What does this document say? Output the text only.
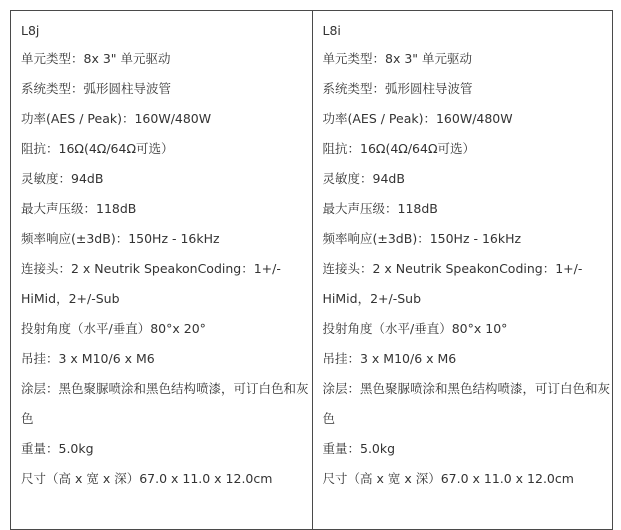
L8j
单元类型：8x 3" 单元驱动
系统类型：弧形圆柱导波管
功率(AES / Peak)：160W/480W
阻抗：16Ω(4Ω/64Ω可选）
灵敏度：94dB
最大声压级：118dB
频率响应(±3dB)：150Hz - 16kHz
连接头：2 x Neutrik SpeakonCoding：1+/-
HiMid，2+/-Sub
投射角度（水平/垂直）80°x 20°
吊挂：3 x M10/6 x M6
涂层：黑色聚脲喷涂和黑色结构喷漆，可订白色和灰
色
重量：5.0kg
尺寸（高 x 宽 x 深）67.0 x 11.0 x 12.0cm
L8i
单元类型：8x 3" 单元驱动
系统类型：弧形圆柱导波管
功率(AES / Peak)：160W/480W
阻抗：16Ω(4Ω/64Ω可选）
灵敏度：94dB
最大声压级：118dB
频率响应(±3dB)：150Hz - 16kHz
连接头：2 x Neutrik SpeakonCoding：1+/-
HiMid，2+/-Sub
投射角度（水平/垂直）80°x 10°
吊挂：3 x M10/6 x M6
涂层：黑色聚脲喷涂和黑色结构喷漆，可订白色和灰
色
重量：5.0kg
尺寸（高 x 宽 x 深）67.0 x 11.0 x 12.0cm
